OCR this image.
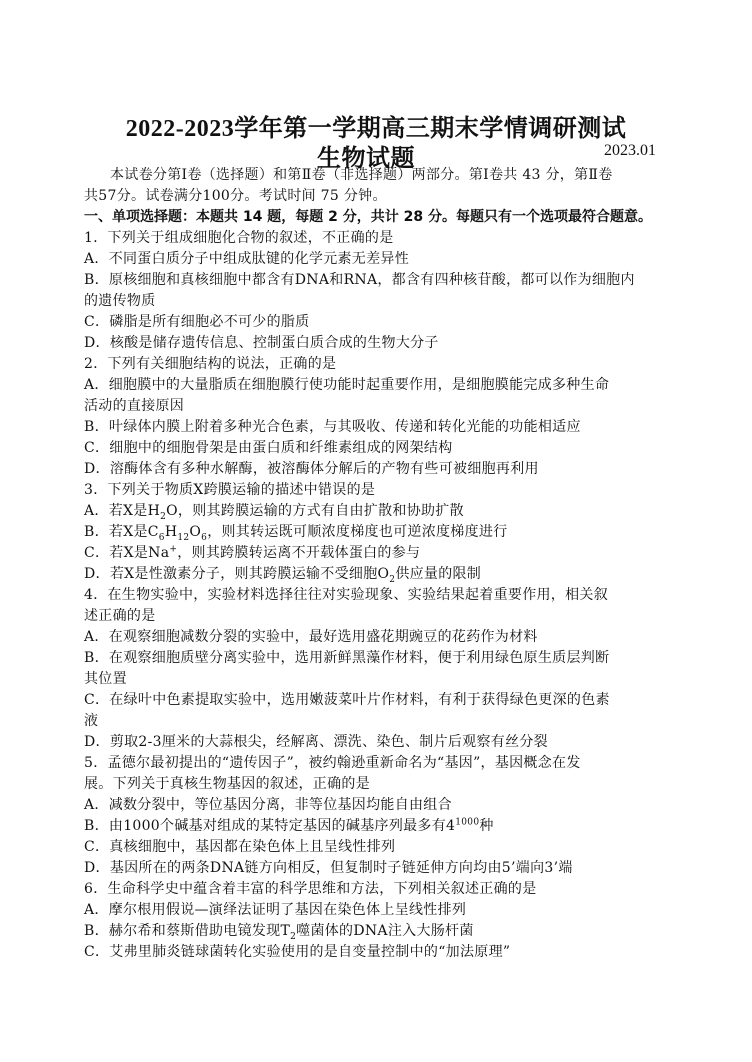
2022-2023学年第一学期高三期末学情调研测试
生物试题	2023.01
本试卷分第Ⅰ卷（选择题）和第Ⅱ卷（非选择题）两部分。第Ⅰ卷共 43 分，第Ⅱ卷
共57分。试卷满分100分。考试时间 75 分钟。
一、单项选择题：本题共 14 题，每题 2 分，共计 28 分。每题只有一个选项最符合题意。
1．下列关于组成细胞化合物的叙述，不正确的是
A．不同蛋白质分子中组成肽键的化学元素无差异性
B．原核细胞和真核细胞中都含有DNA和RNA，都含有四种核苷酸，都可以作为细胞内
的遗传物质
C．磷脂是所有细胞必不可少的脂质
D．核酸是储存遗传信息、控制蛋白质合成的生物大分子
2．下列有关细胞结构的说法，正确的是
A．细胞膜中的大量脂质在细胞膜行使功能时起重要作用，是细胞膜能完成多种生命
活动的直接原因
B．叶绿体内膜上附着多种光合色素，与其吸收、传递和转化光能的功能相适应
C．细胞中的细胞骨架是由蛋白质和纤维素组成的网架结构
D．溶酶体含有多种水解酶，被溶酶体分解后的产物有些可被细胞再利用
3．下列关于物质X跨膜运输的描述中错误的是
A．若X是$H_2O$，则其跨膜运输的方式有自由扩散和协助扩散
B．若X是$C_6H_{12}O_6$，则其转运既可顺浓度梯度也可逆浓度梯度进行
C．若X是Na+，则其跨膜转运离不开载体蛋白的参与
D．若X是性激素分子，则其跨膜运输不受细胞$O_2$供应量的限制
4．在生物实验中，实验材料选择往往对实验现象、实验结果起着重要作用，相关叙
述正确的是
A．在观察细胞减数分裂的实验中，最好选用盛花期豌豆的花药作为材料
B．在观察细胞质壁分离实验中，选用新鲜黑藻作材料，便于利用绿色原生质层判断
其位置
C．在绿叶中色素提取实验中，选用嫩菠菜叶片作材料，有利于获得绿色更深的色素
液
D．剪取2-3厘米的大蒜根尖，经解离、漂洗、染色、制片后观察有丝分裂
5．孟德尔最初提出的“遗传因子”，被约翰逊重新命名为“基因”，基因概念在发
展。下列关于真核生物基因的叙述，正确的是
A．减数分裂中，等位基因分离，非等位基因均能自由组合
B．由1000个碱基对组成的某特定基因的碱基序列最多有$4^{1000}$种
C．真核细胞中，基因都在染色体上且呈线性排列
D．基因所在的两条DNA链方向相反，但复制时子链延伸方向均由5’端向3’端
6．生命科学史中蕴含着丰富的科学思维和方法，下列相关叙述正确的是
A．摩尔根用假说—演绎法证明了基因在染色体上呈线性排列
B．赫尔希和蔡斯借助电镜发现$T_2$噬菌体的DNA注入大肠杆菌
C．艾弗里肺炎链球菌转化实验使用的是自变量控制中的“加法原理”
